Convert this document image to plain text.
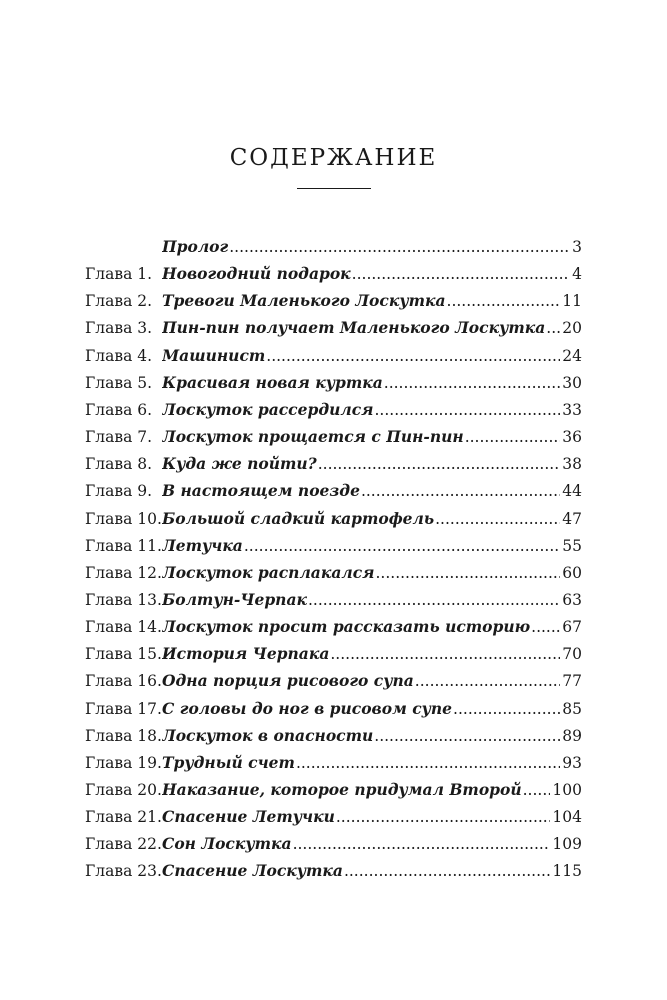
СОДЕРЖАНИЕ
Пролог .....	3
Глава 1. Новогодний подарок .....	4
Глава 2. Тревоги Маленького Лоскутка .....	11
Глава 3. Пин-пин получает Маленького Лоскутка ..... 20
Глава 4. Машинист .....	24
Глава 5. Красивая новая куртка .....	30
Глава 6. Лоскуток рассердился .....	33
Глава 7. Лоскуток прощается с Пин-пин .....	36
Глава 8. Куда же пойти? .....	38
Глава 9. В настоящем поезде .....	44
Глава 10. Большой сладкий картофель .....	47
Глава 11. Летучка .....	55
Глава 12. Лоскуток расплакался .....	60
Глава 13. Болтун-Черпак .....	63
Глава 14. Лоскуток просит рассказать историю ..... 67
Глава 15. История Черпака .....	70
Глава 16. Одна порция рисового супа .....	77
Глава 17. С головы до ног в рисовом супе .....	85
Глава 18. Лоскуток в опасности .....	89
Глава 19. Трудный счет .....	93
Глава 20. Наказание, которое придумал Второй ..... 100
Глава 21. Спасение Летучки .....	104
Глава 22. Сон Лоскутка .....	109
Глава 23. Спасение Лоскутка .....	115
